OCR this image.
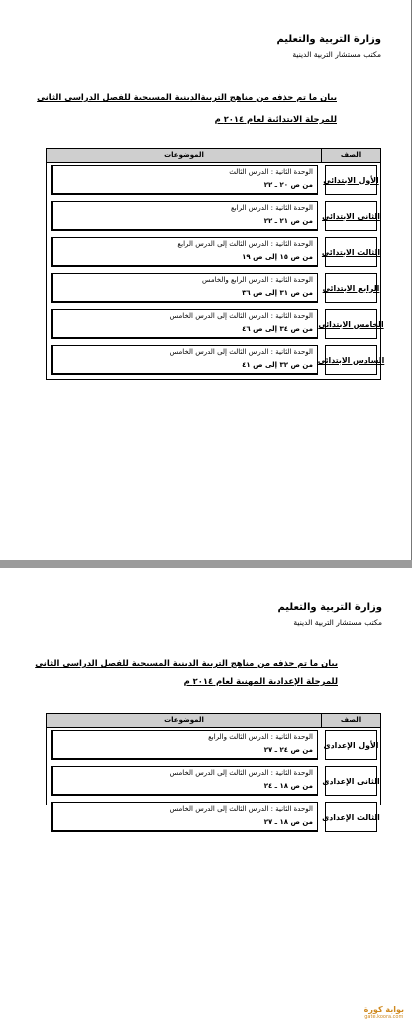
وزارة التربية والتعليم
مكتب مستشار التربية الدينية
بيان ما تم حذفه من مناهج التربيةالدينية المسيحية للفصل الدراسى الثانى
للمرحلة الابتدائية لعام ٢٠١٤ م
الموضوعات	الصف
الأول الابتدائى
الوحدة الثانية : الدرس الثالث
من ص ٢٠ ـ ٢٢
الثانى الابتدائى
الوحدة الثانية : الدرس الرابع
من ص ٢١ ـ ٢٢
الثالث الابتدائى
الوحدة الثانية : الدرس الثالث إلى الدرس الرابع
من ص ١٥ إلى ص ١٩
الرابع الابتدائى
الوحدة الثانية : الدرس الرابع والخامس
من ص ٣١ إلى ص ٣٦
الخامس الابتدائى
الوحدة الثانية : الدرس الثالث إلى الدرس الخامس
من ص ٣٤ إلى ص ٤٦
السادس الابتدائى
الوحدة الثانية : الدرس الثالث إلى الدرس الخامس
من ص ٣٢ إلى ص ٤١
وزارة التربية والتعليم
مكتب مستشار التربية الدينية
بيان ما تم حذفه من مناهج التربية الدينية المسيحية للفصل الدراسى الثانى
للمرحلة الإعدادية المهنية لعام ٢٠١٤ م
الموضوعات	الصف
الأول الإعدادى
الوحدة الثانية : الدرس الثالث والرابع
من ص ٢٤ ـ ٢٧
الثانى الإعدادى
الوحدة الثانية : الدرس الثالث إلى الدرس الخامس
من ص ١٨ ـ ٢٤
الثالث الإعدادى
الوحدة الثانية : الدرس الثالث إلى الدرس الخامس
من ص ١٨ ـ ٢٧
بوابة كورة
gate.koora.com
